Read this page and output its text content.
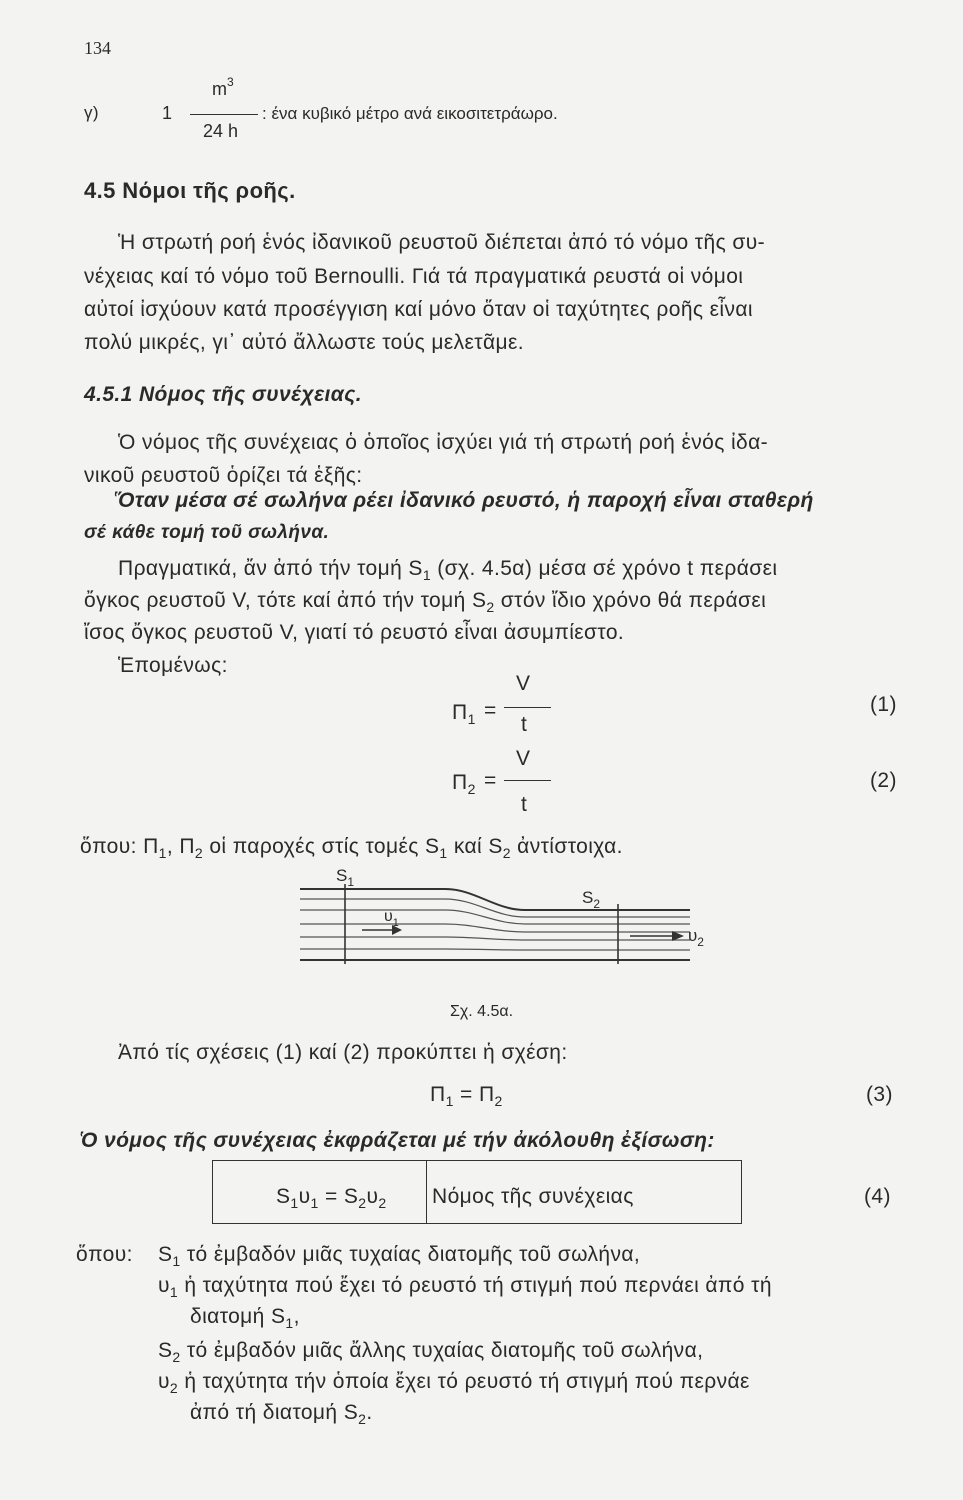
134
γ)	1
$m^3$
24 h
: ένα κυβικό μέτρο ανά εικοσιτετράωρο.
4.5 Νόμοι τῆς ροῆς.
Ἡ στρωτή ροή ἑνός ἰδανικοῦ ρευστοῦ διέπεται ἀπό τό νόμο τῆς συ-
νέχειας καί τό νόμο τοῦ Bernoulli. Γιά τά πραγματικά ρευστά οἱ νόμοι
αὐτοί ἰσχύουν κατά προσέγγιση καί μόνο ὅταν οἱ ταχύτητες ροῆς εἶναι
πολύ μικρές, γι᾽ αὐτό ἄλλωστε τούς μελετᾶμε.
4.5.1 Νόμος τῆς συνέχειας.
Ὁ νόμος τῆς συνέχειας ὁ ὁποῖος ἰσχύει γιά τή στρωτή ροή ἑνός ἰδα-
νικοῦ ρευστοῦ ὁρίζει τά ἑξῆς:
Ὅταν μέσα σέ σωλήνα ρέει ἰδανικό ρευστό, ἡ παροχή εἶναι σταθερή
σέ κάθε τομή τοῦ σωλήνα.
Πραγματικά, ἄν ἀπό τήν τομή $S_1$ (σχ. 4.5α) μέσα σέ χρόνο t περάσει
ὄγκος ρευστοῦ V, τότε καί ἀπό τήν τομή $S_2$ στόν ἴδιο χρόνο θά περάσει
ἴσος ὄγκος ρευστοῦ V, γιατί τό ρευστό εἶναι ἀσυμπίεστο.
Ἑπομένως:
$\Pi_1$ =
V
t
(1)
$\Pi_2$ =
V
t
(2)
ὅπου: $\Pi_1$, $\Pi_2$ οἱ παροχές στίς τομές $S_1$ καί $S_2$ ἀντίστοιχα.
$S_1$
$S_2$
$\upsilon_1$
$\upsilon_2$
Σχ. 4.5α.
Ἀπό τίς σχέσεις (1) καί (2) προκύπτει ἡ σχέση:
$\Pi_1 = \Pi_2$	(3)
Ὁ νόμος τῆς συνέχειας ἐκφράζεται μέ τήν ἀκόλουθη ἐξίσωση:
$S_1\upsilon_1 = S_2\upsilon_2$ Νόμος τῆς συνέχειας	(4)
ὅπου: $S_1$ τό ἐμβαδόν μιᾶς τυχαίας διατομῆς τοῦ σωλήνα,
$\upsilon_1$ ἡ ταχύτητα πού ἔχει τό ρευστό τή στιγμή πού περνάει ἀπό τή
διατομή $S_1$,
$S_2$ τό ἐμβαδόν μιᾶς ἄλλης τυχαίας διατομῆς τοῦ σωλήνα,
$\upsilon_2$ ἡ ταχύτητα τήν ὁποία ἔχει τό ρευστό τή στιγμή πού περνάε
ἀπό τή διατομή $S_2$.
